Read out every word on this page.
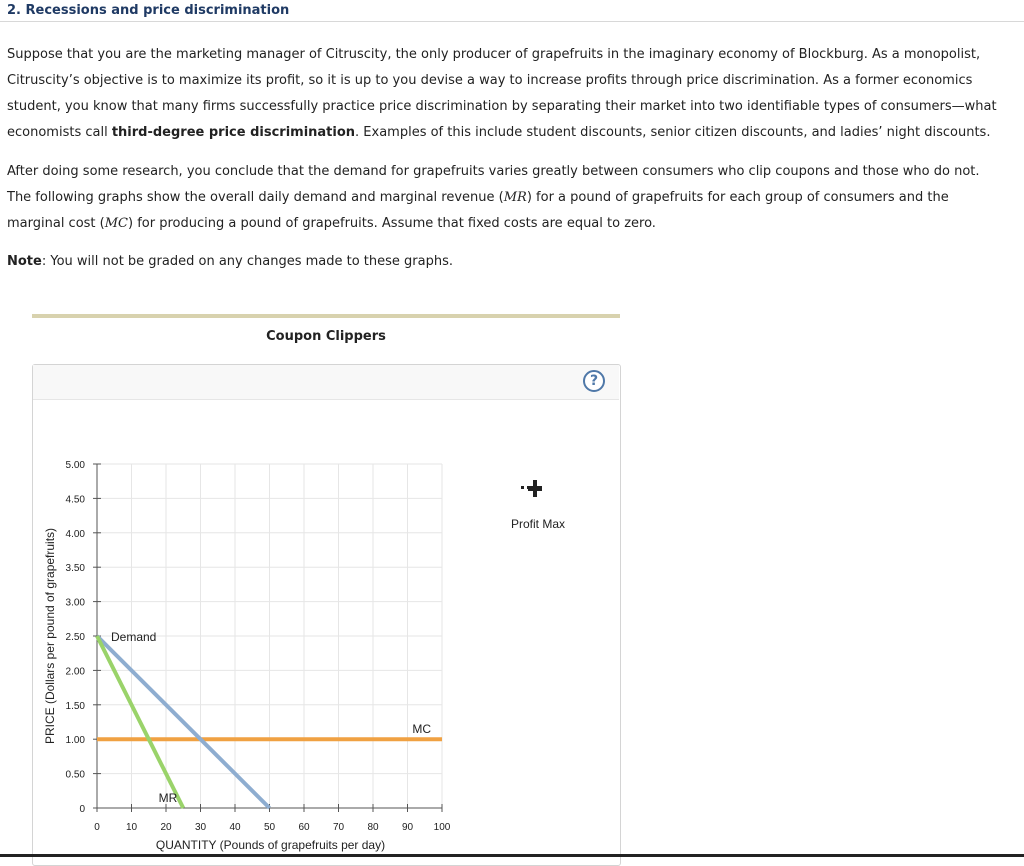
2. Recessions and price discrimination

Suppose that you are the marketing manager of Citruscity, the only producer of grapefruits in the imaginary economy of Blockburg. As a monopolist, Citruscity’s objective is to maximize its profit, so it is up to you devise a way to increase profits through price discrimination. As a former economics student, you know that many firms successfully practice price discrimination by separating their market into two identifiable types of consumers—what economists call third-degree price discrimination. Examples of this include student discounts, senior citizen discounts, and ladies’ night discounts.

After doing some research, you conclude that the demand for grapefruits varies greatly between consumers who clip coupons and those who do not. The following graphs show the overall daily demand and marginal revenue (MR) for a pound of grapefruits for each group of consumers and the marginal cost (MC) for producing a pound of grapefruits. Assume that fixed costs are equal to zero.

Note: You will not be graded on any changes made to these graphs.

Coupon Clippers
?
0	10 20 30 40 50 60 70 80 90 100
0
0.50
1.00
1.50
2.00
2.50
3.00
3.50
4.00
4.50
5.00
QUANTITY (Pounds of grapefruits per day)
PRICE (Dollars per pound of grapefruits)	Demand
MR
MC
Profit Max
